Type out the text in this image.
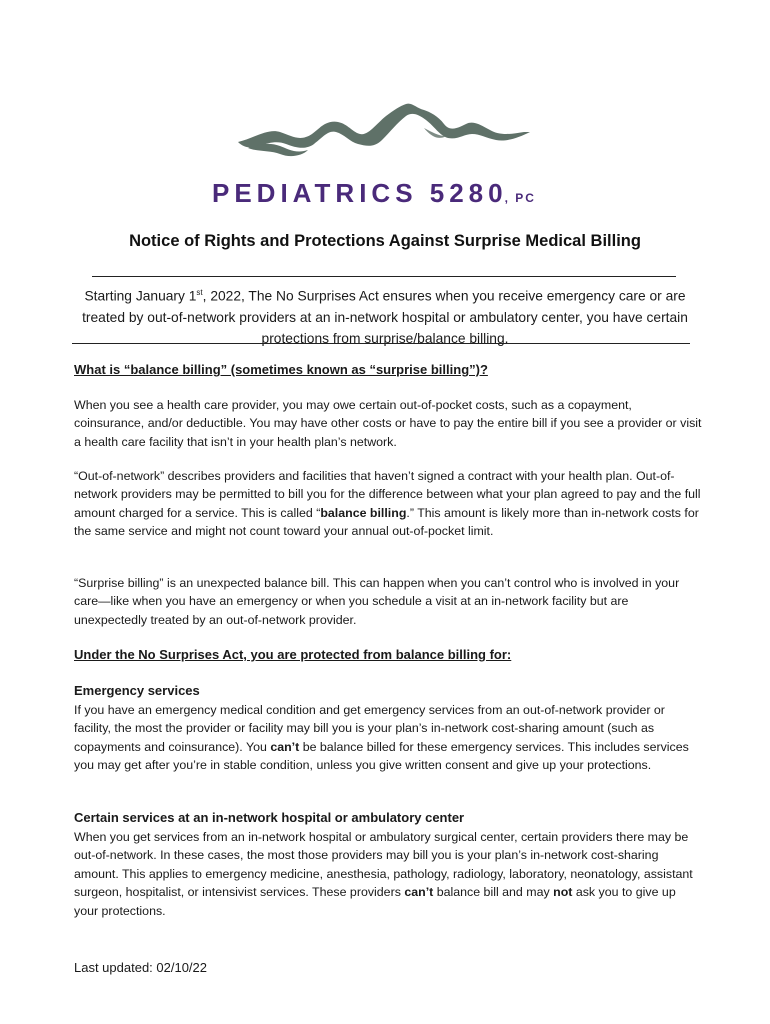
PEDIATRICS 5280, PC
Notice of Rights and Protections Against Surprise Medical Billing
Starting January 1st, 2022, The No Surprises Act ensures when you receive emergency care or are treated by out-of-network providers at an in-network hospital or ambulatory center, you have certain protections from surprise/balance billing.
What is “balance billing” (sometimes known as “surprise billing”)?
When you see a health care provider, you may owe certain out-of-pocket costs, such as a copayment, coinsurance, and/or deductible. You may have other costs or have to pay the entire bill if you see a provider or visit a health care facility that isn’t in your health plan’s network.
“Out-of-network” describes providers and facilities that haven’t signed a contract with your health plan. Out-of-network providers may be permitted to bill you for the difference between what your plan agreed to pay and the full amount charged for a service. This is called “balance billing.” This amount is likely more than in-network costs for the same service and might not count toward your annual out-of-pocket limit.
“Surprise billing” is an unexpected balance bill. This can happen when you can’t control who is involved in your care—like when you have an emergency or when you schedule a visit at an in-network facility but are unexpectedly treated by an out-of-network provider.
Under the No Surprises Act, you are protected from balance billing for:
Emergency services
If you have an emergency medical condition and get emergency services from an out-of-network provider or facility, the most the provider or facility may bill you is your plan’s in-network cost-sharing amount (such as copayments and coinsurance). You can’t be balance billed for these emergency services. This includes services you may get after you’re in stable condition, unless you give written consent and give up your protections.
Certain services at an in-network hospital or ambulatory center
When you get services from an in-network hospital or ambulatory surgical center, certain providers there may be out-of-network. In these cases, the most those providers may bill you is your plan’s in-network cost-sharing amount. This applies to emergency medicine, anesthesia, pathology, radiology, laboratory, neonatology, assistant surgeon, hospitalist, or intensivist services. These providers can’t balance bill and may not ask you to give up your protections.
Last updated: 02/10/22
